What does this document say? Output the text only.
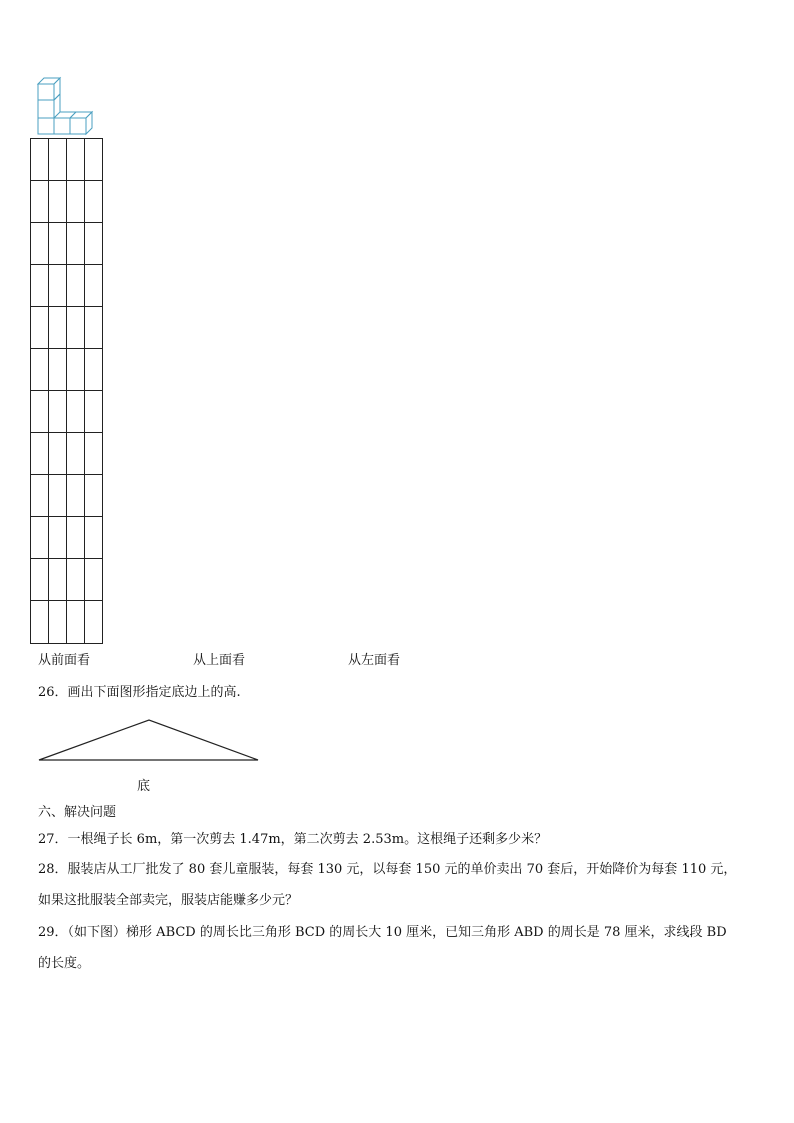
从前面看	从上面看	从左面看
26．画出下面图形指定底边上的高.
底
六、解决问题
27．一根绳子长 6m，第一次剪去 1.47m，第二次剪去 2.53m。这根绳子还剩多少米？
28．服装店从工厂批发了 80 套儿童服装，每套 130 元，以每套 150 元的单价卖出 70 套后，开始降价为每套 110 元，
如果这批服装全部卖完，服装店能赚多少元？
29．（如下图）梯形 ABCD 的周长比三角形 BCD 的周长大 10 厘米，已知三角形 ABD 的周长是 78 厘米，求线段 BD
的长度。
